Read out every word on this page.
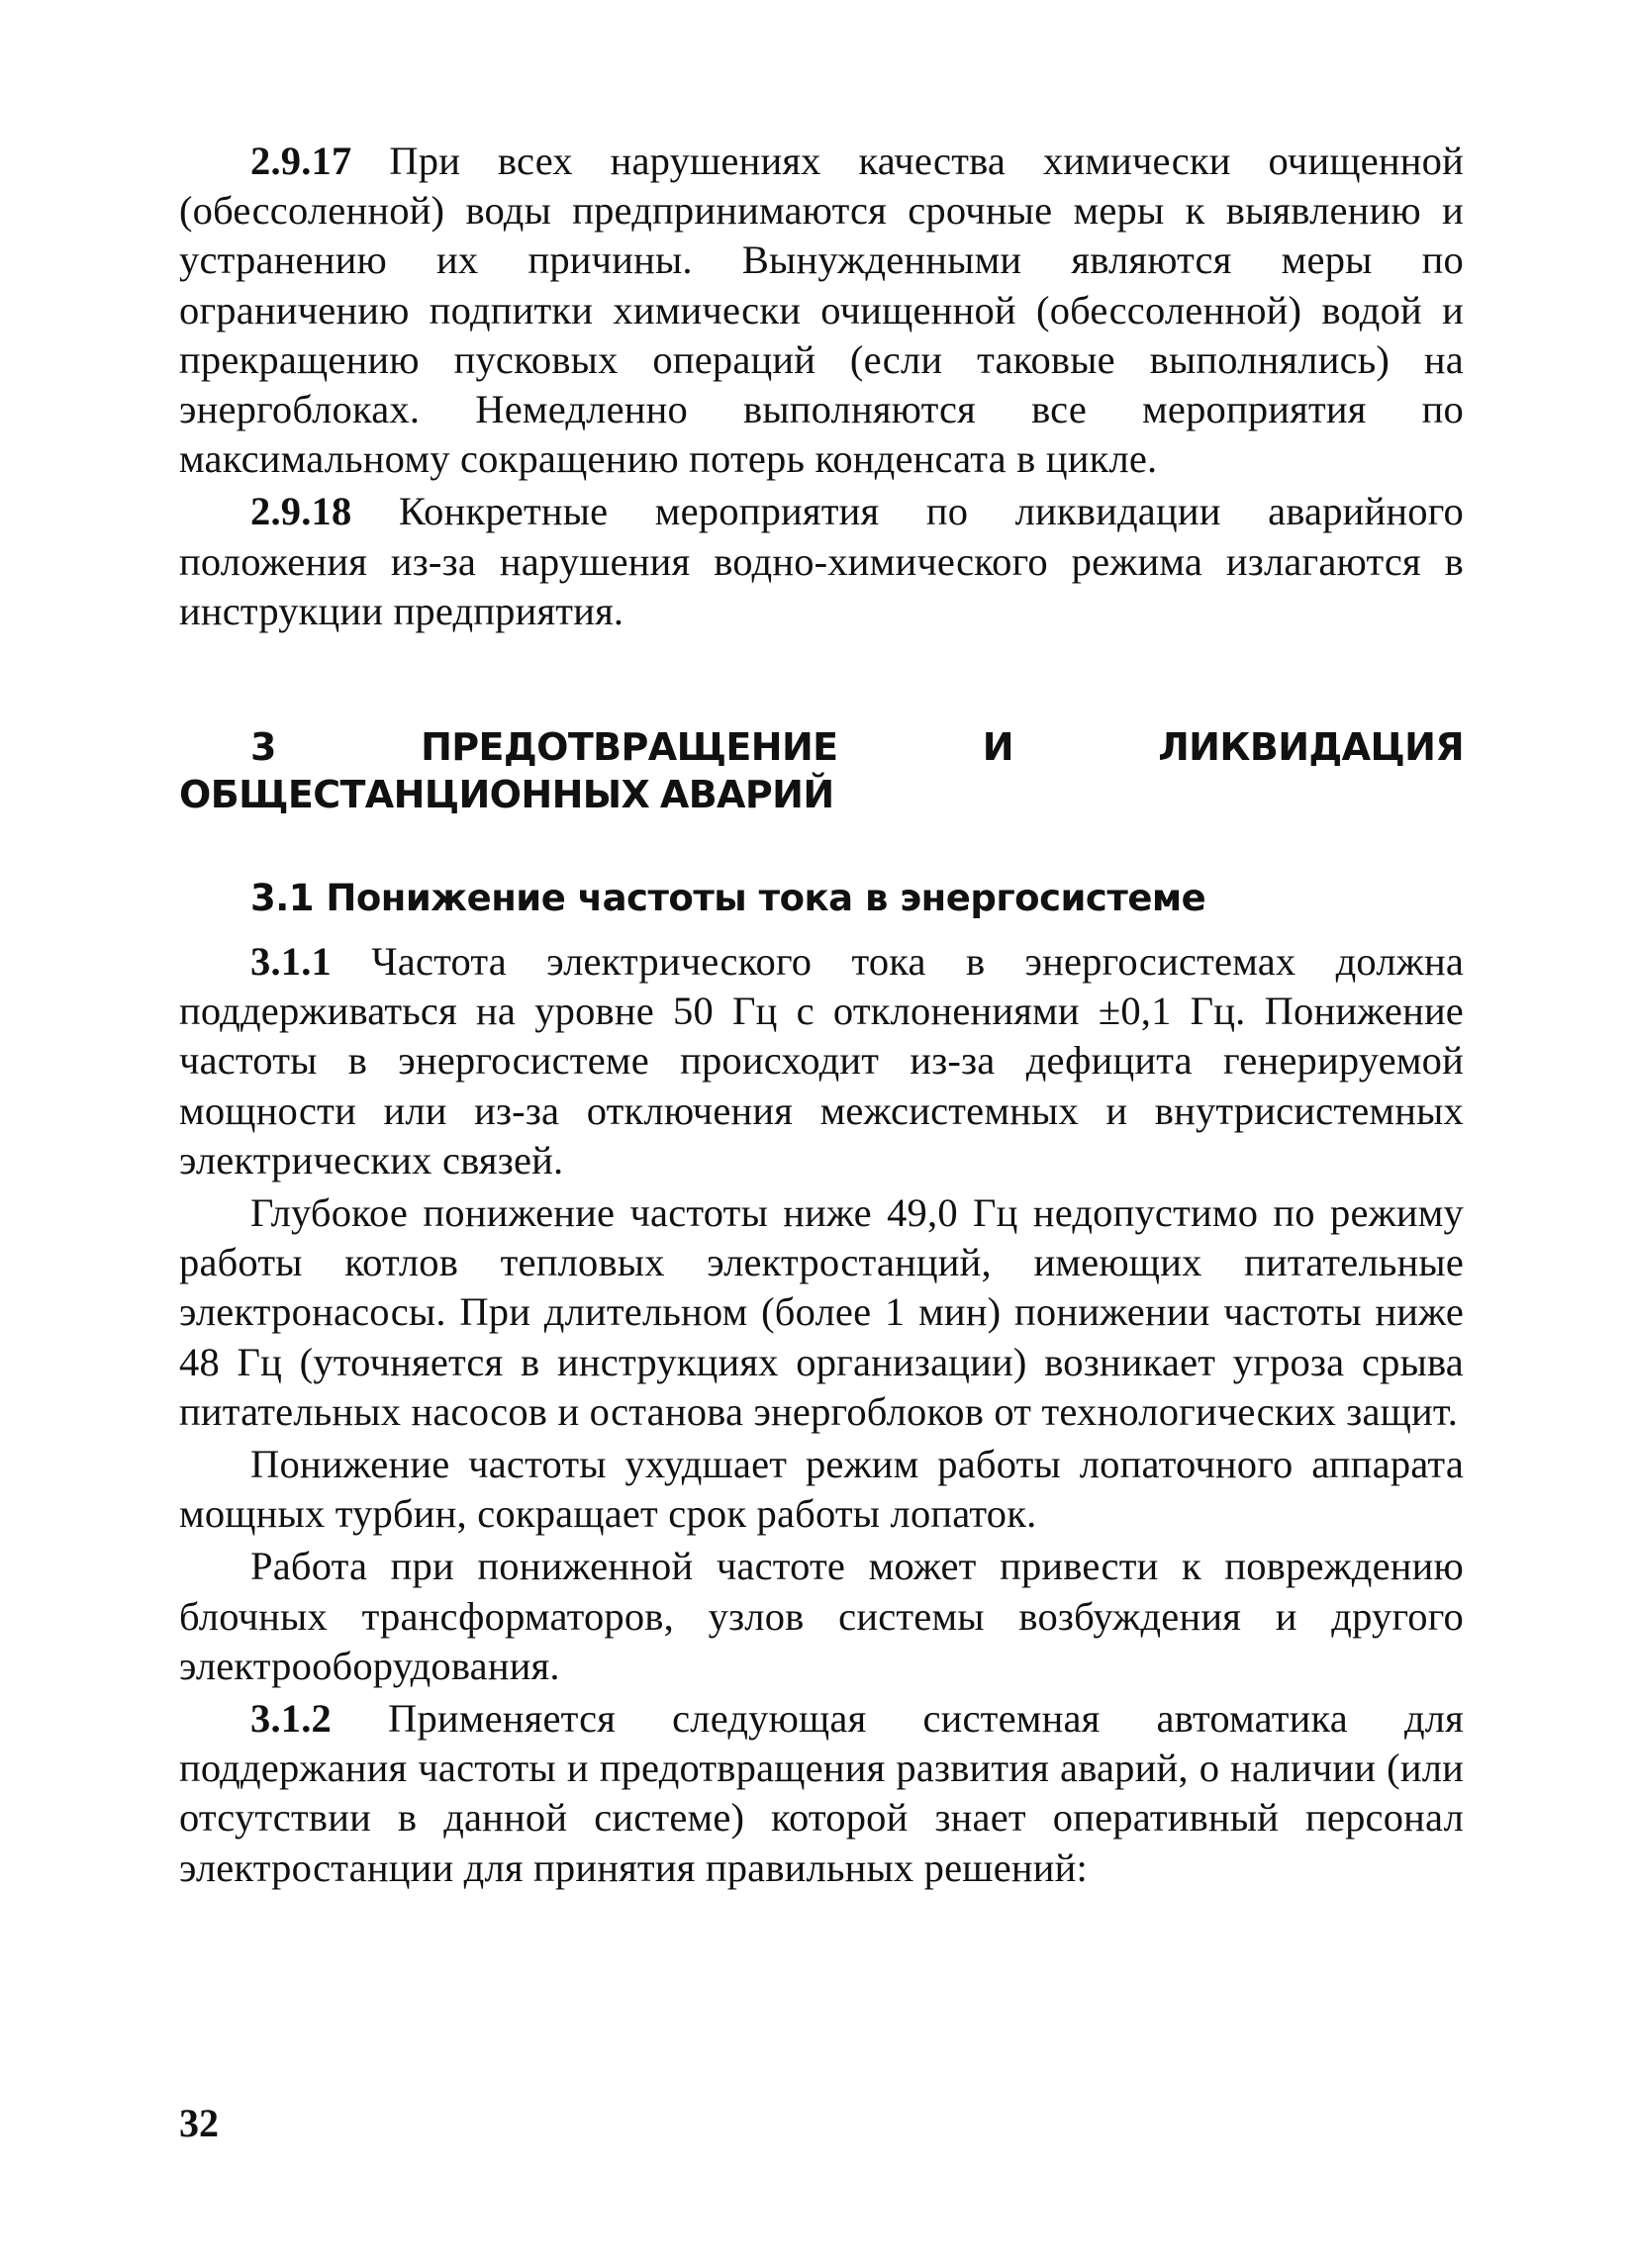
2.9.17 При всех нарушениях качества химически очищенной (обессоленной) воды предпринимаются срочные меры к выявлению и устранению их причины. Вынужденными являются меры по ограничению подпитки химически очищенной (обессоленной) водой и прекращению пусковых операций (если таковые выполнялись) на энергоблоках. Немедленно выполняются все мероприятия по максимальному сокращению потерь конденсата в цикле.

2.9.18 Конкретные мероприятия по ликвидации аварийного положения из-за нарушения водно-химического режима излагаются в инструкции предприятия.

3 ПРЕДОТВРАЩЕНИЕ И ЛИКВИДАЦИЯ ОБЩЕСТАНЦИОННЫХ АВАРИЙ
3.1 Понижение частоты тока в энергосистеме

3.1.1 Частота электрического тока в энергосистемах должна поддерживаться на уровне 50 Гц с отклонениями ±0,1 Гц. Понижение частоты в энергосистеме происходит из-за дефицита генерируемой мощности или из-за отключения межсистемных и внутрисистемных электрических связей.

Глубокое понижение частоты ниже 49,0 Гц недопустимо по режиму работы котлов тепловых электростанций, имеющих питательные электронасосы. При длительном (более 1 мин) понижении частоты ниже 48 Гц (уточняется в инструкциях организации) возникает угроза срыва питательных насосов и останова энергоблоков от технологических защит.

Понижение частоты ухудшает режим работы лопаточного аппарата мощных турбин, сокращает срок работы лопаток.

Работа при пониженной частоте может привести к повреждению блочных трансформаторов, узлов системы возбуждения и другого электрооборудования.

3.1.2 Применяется следующая системная автоматика для поддержания частоты и предотвращения развития аварий, о наличии (или отсутствии в данной системе) которой знает оперативный персонал электростанции для принятия правильных решений:

32
